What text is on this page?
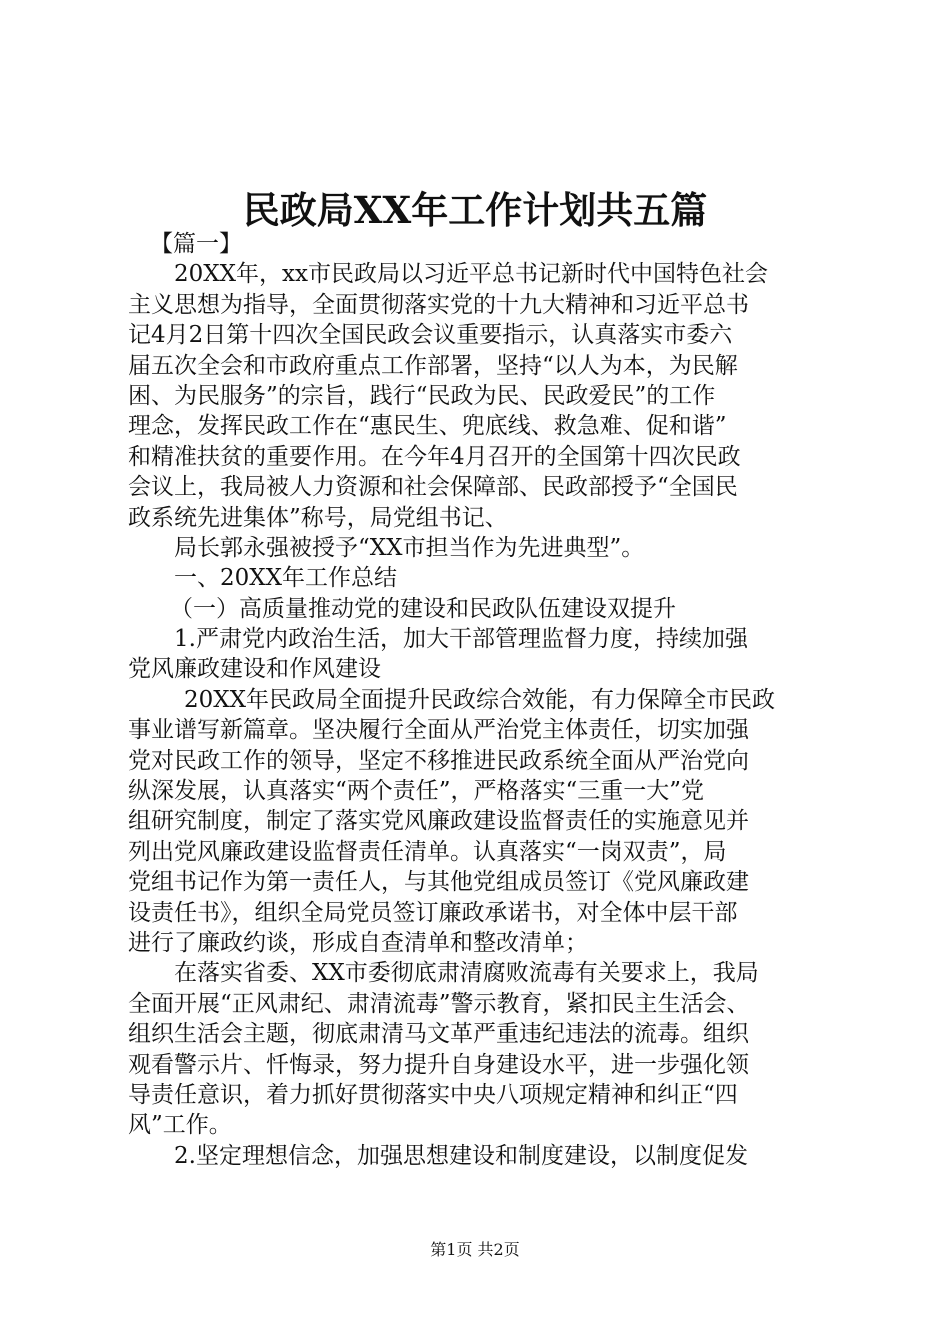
民政局XX年工作计划共五篇
【篇一】
20XX年，xx市民政局以习近平总书记新时代中国特色社会
主义思想为指导，全面贯彻落实党的十九大精神和习近平总书
记4月2日第十四次全国民政会议重要指示，认真落实市委六
届五次全会和市政府重点工作部署，坚持“以人为本，为民解
困、为民服务”的宗旨，践行“民政为民、民政爱民”的工作
理念，发挥民政工作在“惠民生、兜底线、救急难、促和谐”
和精准扶贫的重要作用。在今年4月召开的全国第十四次民政
会议上，我局被人力资源和社会保障部、民政部授予“全国民
政系统先进集体”称号，局党组书记、
局长郭永强被授予“XX市担当作为先进典型”。
一、20XX年工作总结
（一）高质量推动党的建设和民政队伍建设双提升
1.严肃党内政治生活，加大干部管理监督力度，持续加强
党风廉政建设和作风建设
20XX年民政局全面提升民政综合效能，有力保障全市民政
事业谱写新篇章。坚决履行全面从严治党主体责任，切实加强
党对民政工作的领导，坚定不移推进民政系统全面从严治党向
纵深发展，认真落实“两个责任”，严格落实“三重一大”党
组研究制度，制定了落实党风廉政建设监督责任的实施意见并
列出党风廉政建设监督责任清单。认真落实“一岗双责”，局
党组书记作为第一责任人，与其他党组成员签订《党风廉政建
设责任书》，组织全局党员签订廉政承诺书，对全体中层干部
进行了廉政约谈，形成自查清单和整改清单；
在落实省委、XX市委彻底肃清腐败流毒有关要求上，我局
全面开展“正风肃纪、肃清流毒”警示教育，紧扣民主生活会、
组织生活会主题，彻底肃清马文革严重违纪违法的流毒。组织
观看警示片、忏悔录，努力提升自身建设水平，进一步强化领
导责任意识，着力抓好贯彻落实中央八项规定精神和纠正“四
风”工作。
2.坚定理想信念，加强思想建设和制度建设，以制度促发
第1页 共2页
